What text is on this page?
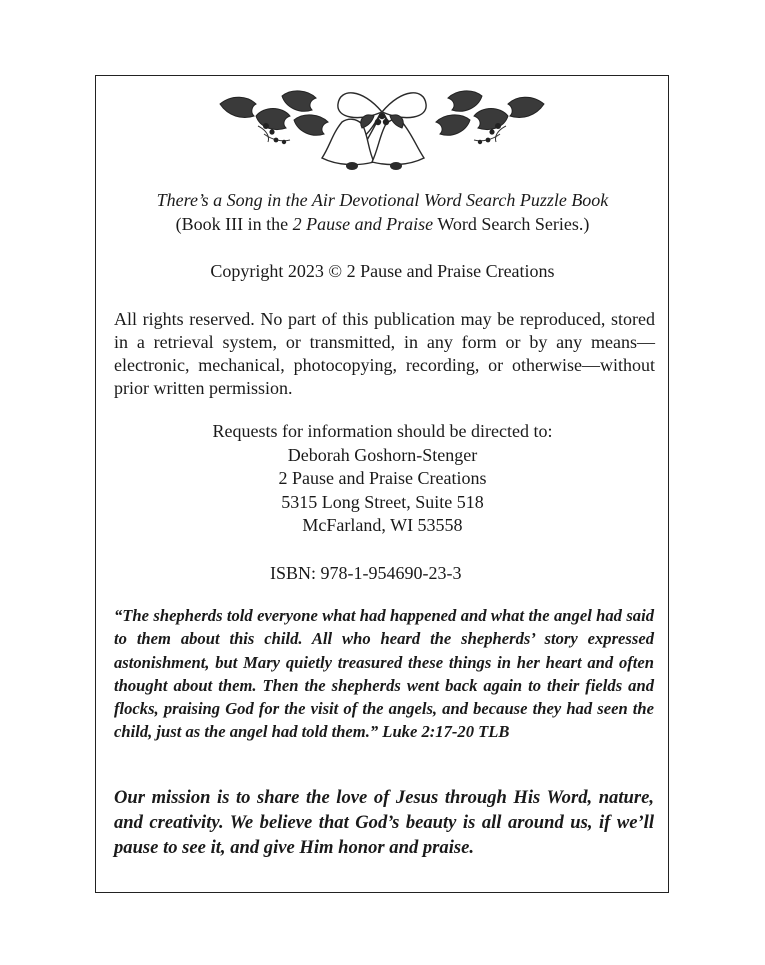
There’s a Song in the Air Devotional Word Search Puzzle Book
(Book III in the 2 Pause and Praise Word Search Series.)
Copyright 2023 © 2 Pause and Praise Creations
All rights reserved. No part of this publication may be reproduced, stored in a retrieval system, or transmitted, in any form or by any means—electronic, mechanical, photocopying, recording, or otherwise—without prior written permission.
Requests for information should be directed to:
Deborah Goshorn-Stenger
2 Pause and Praise Creations
5315 Long Street, Suite 518
McFarland, WI 53558
ISBN: 978-1-954690-23-3
“The shepherds told everyone what had happened and what the angel had said to them about this child. All who heard the shepherds’ story expressed astonishment, but Mary quietly treasured these things in her heart and often thought about them. Then the shepherds went back again to their fields and flocks, praising God for the visit of the angels, and because they had seen the child, just as the angel had told them.” Luke 2:17-20 TLB
Our mission is to share the love of Jesus through His Word, nature, and creativity. We believe that God’s beauty is all around us, if we’ll pause to see it, and give Him honor and praise.
